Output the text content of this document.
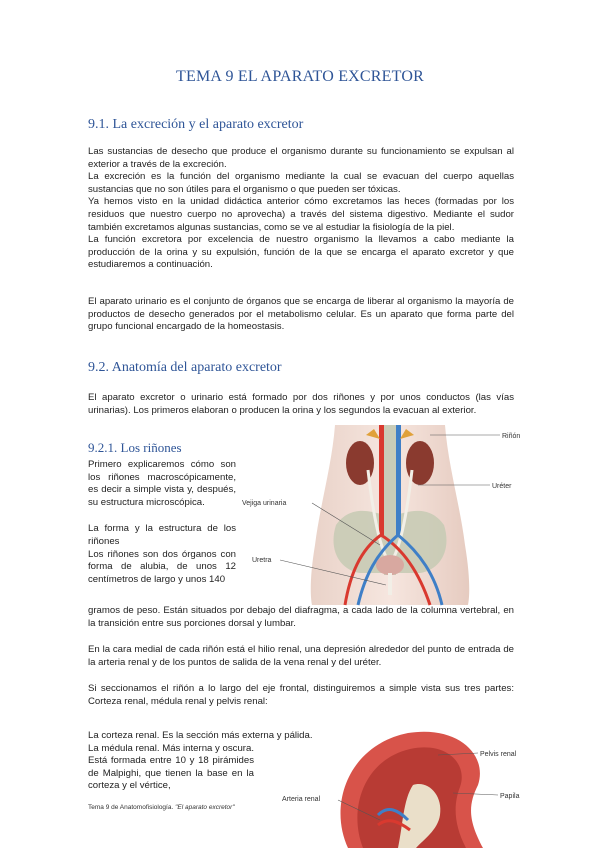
TEMA 9 EL APARATO EXCRETOR
9.1. La excreción y el aparato excretor

Las sustancias de desecho que produce el organismo durante su funcionamiento se expulsan al exterior a través de la excreción.

La excreción es la función del organismo mediante la cual se evacuan del cuerpo aquellas sustancias que no son útiles para el organismo o que pueden ser tóxicas.

Ya hemos visto en la unidad didáctica anterior cómo excretamos las heces (formadas por los residuos que nuestro cuerpo no aprovecha) a través del sistema digestivo. Mediante el sudor también excretamos algunas sustancias, como se ve al estudiar la fisiología de la piel.

La función excretora por excelencia de nuestro organismo la llevamos a cabo mediante la producción de la orina y su expulsión, función de la que se encarga el aparato excretor y que estudiaremos a continuación.

El aparato urinario es el conjunto de órganos que se encarga de liberar al organismo la mayoría de productos de desecho generados por el metabolismo celular. Es un aparato que forma parte del grupo funcional encargado de la homeostasis.

9.2. Anatomía del aparato excretor

El aparato excretor o urinario está formado por dos riñones y por unos conductos (las vías urinarias). Los primeros elaboran o producen la orina y los segundos la evacuan al exterior.

9.2.1. Los riñones

Primero explicaremos cómo son los riñones macroscópicamente, es decir a simple vista y, después, su estructura microscópica.

La forma y la estructura de los riñones

Los riñones son dos órganos con forma de alubia, de unos 12 centímetros de largo y unos 140

gramos de peso. Están situados por debajo del diafragma, a cada lado de la columna vertebral, en la transición entre sus porciones dorsal y lumbar.

En la cara medial de cada riñón está el hilio renal, una depresión alrededor del punto de entrada de la arteria renal y de los puntos de salida de la vena renal y del uréter.

Si seccionamos el riñón a lo largo del eje frontal, distinguiremos a simple vista sus tres partes: Corteza renal, médula renal y pelvis renal:

La corteza renal. Es la sección más externa y pálida.

La médula renal. Más interna y oscura. Está formada entre 10 y 18 pirámides de Malpighi, que tienen la base en la corteza y el vértice,

Riñón
Uréter
Vejiga urinaria
Uretra
Pelvis renal
Papila
Arteria renal
Tema 9 de Anatomofisiología. "El aparato excretor"
